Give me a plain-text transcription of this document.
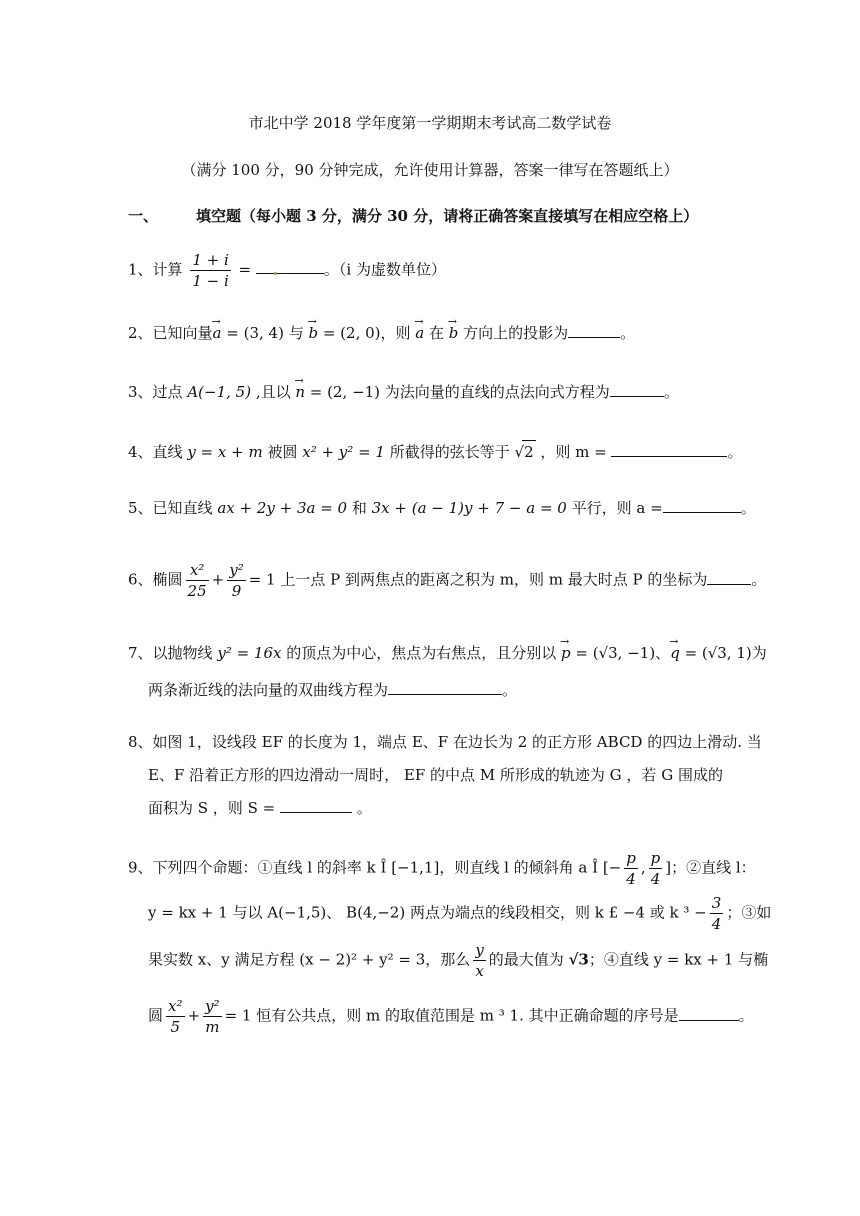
市北中学 2018 学年度第一学期期末考试高二数学试卷
（满分 100 分，90 分钟完成，允许使用计算器，答案一律写在答题纸上）
一、	填空题（每小题 3 分，满分 30 分，请将正确答案直接填写在相应空格上）
1、计算 $\frac{1 + i}{1 - i}$ =	。（i 为虚数单位）
2、已知向量→ a = (3, 4) 与 → b = (2, 0)，则 → a 在 → b 方向上的投影为	。
3、过点 A(−1, 5) ,且以 → n = (2, −1) 为法向量的直线的点法向式方程为	。
4、直线 y = x + m 被圆 x² + y² = 1 所截得的弦长等于 √2 ，则 m =	。
5、已知直线 ax + 2y + 3a = 0 和 3x + (a − 1)y + 7 − a = 0 平行，则 a =	。
6、椭圆 $\frac{\text{x²}}{25} + \frac{\text{y²}}{9} = 1$ 上一点 P 到两焦点的距离之积为 m，则 m 最大时点 P 的坐标为	。
7、以抛物线 y² = 16x 的顶点为中心，焦点为右焦点，且分别以 → p = (√3, −1)、→ q = (√3, 1)为
两条渐近线的法向量的双曲线方程为	。
8、如图 1，设线段 EF 的长度为 1，端点 E、F 在边长为 2 的正方形 ABCD 的四边上滑动. 当
E、F 沿着正方形的四边滑动一周时， EF 的中点 M 所形成的轨迹为 G ，若 G 围成的
面积为 S ，则 S =	。
9、下列四个命题：①直线 l 的斜率 k Î [−1,1]，则直线 l 的倾斜角 a Î [− $\frac{p}{4}$ , $\frac{p}{4}$ ]；②直线 l：
y = kx + 1 与以 A(−1,5)、 B(4,−2) 两点为端点的线段相交，则 k £ −4 或 k $^3 - \frac{3}{4}$ ；③如
果实数 x、y 满足方程 (x − 2)² + y² = 3，那么 $\frac{y}{x}$ 的最大值为 √3；④直线 y = kx + 1 与椭
圆 $\frac{\text{x²}}{5} + \frac{\text{y²}}{m} = 1$ 恒有公共点，则 m 的取值范围是 m ³ 1. 其中正确命题的序号是	。
